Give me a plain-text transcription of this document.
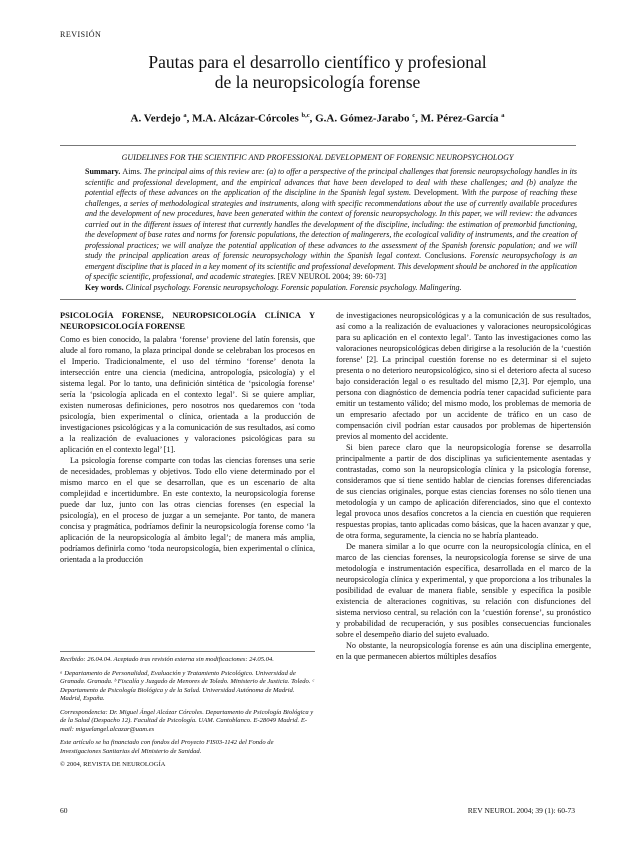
REVISIÓN
Pautas para el desarrollo científico y profesional
de la neuropsicología forense
A. Verdejo $^a$, M.A. Alcázar-Córcoles $^{b,c}$, G.A. Gómez-Jarabo $^c$, M. Pérez-García $^a$
GUIDELINES FOR THE SCIENTIFIC AND PROFESSIONAL DEVELOPMENT OF FORENSIC NEUROPSYCHOLOGY
Summary. Aims. The principal aims of this review are: (a) to offer a perspective of the principal challenges that forensic neuropsychology handles in its scientific and professional development, and the empirical advances that have been developed to deal with these challenges; and (b) analyze the potential effects of these advances on the application of the discipline in the Spanish legal system. Development. With the purpose of reaching these challenges, a series of methodological strategies and instruments, along with specific recommendations about the use of currently available procedures and the development of new procedures, have been generated within the context of forensic neuropsychology. In this paper, we will review: the advances carried out in the different issues of interest that currently handles the development of the discipline, including: the estimation of premorbid functioning, the development of base rates and norms for forensic populations, the detection of malingerers, the ecological validity of instruments, and the creation of professional practices; we will analyze the potential application of these advances to the assessment of the Spanish forensic population; and we will study the principal application areas of forensic neuropsychology within the Spanish legal context. Conclusions. Forensic neuropsychology is an emergent discipline that is placed in a key moment of its scientific and professional development. This development should be anchored in the application of specific scientific, professional, and academic strategies. [REV NEUROL 2004; 39: 60-73]
Key words. Clinical psychology. Forensic neuropsychology. Forensic population. Forensic psychology. Malingering.
PSICOLOGÍA FORENSE, NEUROPSICOLOGÍA CLÍNICA Y NEUROPSICOLOGÍA FORENSE

Como es bien conocido, la palabra ‘forense’ proviene del latín forensis, que alude al foro romano, la plaza principal donde se celebraban los procesos en el Imperio. Tradicionalmente, el uso del término ‘forense’ denota la intersección entre una ciencia (medicina, antropología, psicología) y el sistema legal. Por lo tanto, una definición sintética de ‘psicología forense’ sería la ‘psicología aplicada en el contexto legal’. Si se quiere ampliar, existen numerosas definiciones, pero nosotros nos quedaremos con ‘toda psicología, bien experimental o clínica, orientada a la producción de investigaciones psicológicas y a la comunicación de sus resultados, así como a la realización de evaluaciones y valoraciones psicológicas para su aplicación en el contexto legal’ [1].

La psicología forense comparte con todas las ciencias forenses una serie de necesidades, problemas y objetivos. Todo ello viene determinado por el mismo marco en el que se desarrollan, que es un escenario de alta complejidad e incertidumbre. En este contexto, la neuropsicología forense puede dar luz, junto con las otras ciencias forenses (en especial la psicología), en el proceso de juzgar a un semejante. Por tanto, de manera concisa y pragmática, podríamos definir la neuropsicología forense como ‘la aplicación de la neuropsicología al ámbito legal’; de manera más amplia, podríamos definirla como ‘toda neuropsicología, bien experimental o clínica, orientada a la producción

Recibido: 26.04.04. Aceptado tras revisión externa sin modificaciones: 24.05.04.

ᵃ Departamento de Personalidad, Evaluación y Tratamiento Psicológico. Universidad de Granada. Granada. ᵇ Fiscalía y Juzgado de Menores de Toledo. Ministerio de Justicia. Toledo. ᶜ Departamento de Psicología Biológica y de la Salud. Universidad Autónoma de Madrid. Madrid, España.

Correspondencia: Dr. Miguel Ángel Alcázar Córcoles. Departamento de Psicología Biológica y de la Salud (Despacho 12). Facultad de Psicología. UAM. Cantoblanco. E-28049 Madrid. E-mail: miguelangel.alcazar@uam.es

Este artículo se ha financiado con fondos del Proyecto FIS03-1142 del Fondo de Investigaciones Sanitarias del Ministerio de Sanidad.

© 2004, REVISTA DE NEUROLOGÍA

de investigaciones neuropsicológicas y a la comunicación de sus resultados, así como a la realización de evaluaciones y valoraciones neuropsicológicas para su aplicación en el contexto legal’. Tanto las investigaciones como las valoraciones neuropsicológicas deben dirigirse a la resolución de la ‘cuestión forense’ [2]. La principal cuestión forense no es determinar si el sujeto presenta o no deterioro neuropsicológico, sino si el deterioro afecta al suceso bajo consideración legal o es resultado del mismo [2,3]. Por ejemplo, una persona con diagnóstico de demencia podría tener capacidad suficiente para emitir un testamento válido; del mismo modo, los problemas de memoria de un empresario afectado por un accidente de tráfico en un caso de compensación civil podrían estar causados por problemas de hipertensión previos al momento del accidente.

Si bien parece claro que la neuropsicología forense se desarrolla principalmente a partir de dos disciplinas ya suficientemente asentadas y contrastadas, como son la neuropsicología clínica y la psicología forense, consideramos que sí tiene sentido hablar de ciencias forenses diferenciadas de sus ciencias originales, porque estas ciencias forenses no sólo tienen una metodología y un campo de aplicación diferenciados, sino que el contexto legal provoca unos desafíos concretos a la ciencia en cuestión que requieren respuestas propias, tanto aplicadas como básicas, que la hacen avanzar y que, de otra forma, seguramente, la ciencia no se habría planteado.

De manera similar a lo que ocurre con la neuropsicología clínica, en el marco de las ciencias forenses, la neuropsicología forense se sirve de una metodología e instrumentación específica, desarrollada en el marco de la neuropsicología clínica y experimental, y que proporciona a los tribunales la posibilidad de evaluar de manera fiable, sensible y específica la posible existencia de alteraciones cognitivas, su relación con disfunciones del sistema nervioso central, su relación con la ‘cuestión forense’, su pronóstico y probabilidad de recuperación, y sus posibles consecuencias funcionales sobre el desempeño diario del sujeto evaluado.

No obstante, la neuropsicología forense es aún una disciplina emergente, en la que permanecen abiertos múltiples desafíos

60	REV NEUROL 2004; 39 (1): 60-73
